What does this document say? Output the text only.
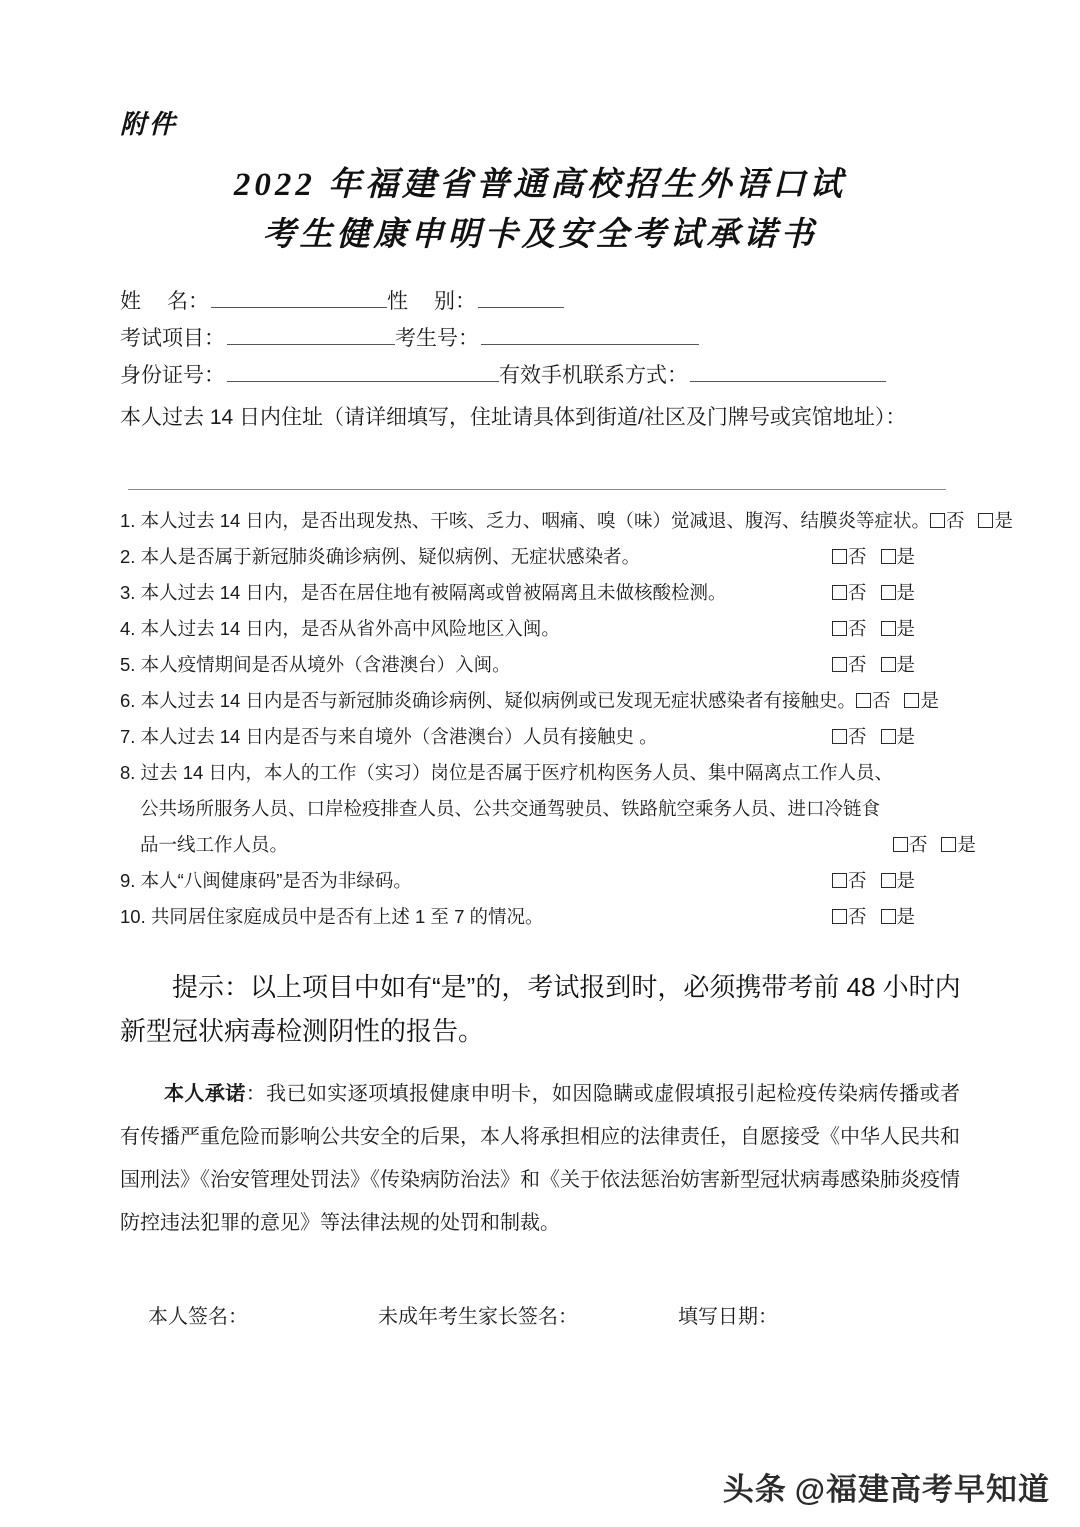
附件
2022 年福建省普通高校招生外语口试
考生健康申明卡及安全考试承诺书
姓 名：	性 别：
考试项目：	考生号：
身份证号：	有效手机联系方式：
本人过去 14 日内住址（请详细填写，住址请具体到街道/社区及门牌号或宾馆地址）：
1. 本人过去 14 日内，是否出现发热、干咳、乏力、咽痛、嗅（味）觉减退、腹泻、结膜炎等症状。 否 是
2. 本人是否属于新冠肺炎确诊病例、疑似病例、无症状感染者。	否 是
3. 本人过去 14 日内，是否在居住地有被隔离或曾被隔离且未做核酸检测。	否 是
4. 本人过去 14 日内，是否从省外高中风险地区入闽。	否 是
5. 本人疫情期间是否从境外（含港澳台）入闽。	否 是
6. 本人过去 14 日内是否与新冠肺炎确诊病例、疑似病例或已发现无症状感染者有接触史。 否 是
7. 本人过去 14 日内是否与来自境外（含港澳台）人员有接触史 。	否 是
8. 过去 14 日内，本人的工作（实习）岗位是否属于医疗机构医务人员、集中隔离点工作人员、
公共场所服务人员、口岸检疫排查人员、公共交通驾驶员、铁路航空乘务人员、进口冷链食
品一线工作人员。	否 是
9. 本人“八闽健康码”是否为非绿码。	否 是
10. 共同居住家庭成员中是否有上述 1 至 7 的情况。	否 是
提示：以上项目中如有“是”的，考试报到时，必须携带考前 48 小时内新型冠状病毒检测阴性的报告。
本人承诺：我已如实逐项填报健康申明卡，如因隐瞒或虚假填报引起检疫传染病传播或者有传播严重危险而影响公共安全的后果，本人将承担相应的法律责任，自愿接受《中华人民共和国刑法》《治安管理处罚法》《传染病防治法》和《关于依法惩治妨害新型冠状病毒感染肺炎疫情防控违法犯罪的意见》等法律法规的处罚和制裁。
本人签名：	未成年考生家长签名：	填写日期：
头条 @福建高考早知道
